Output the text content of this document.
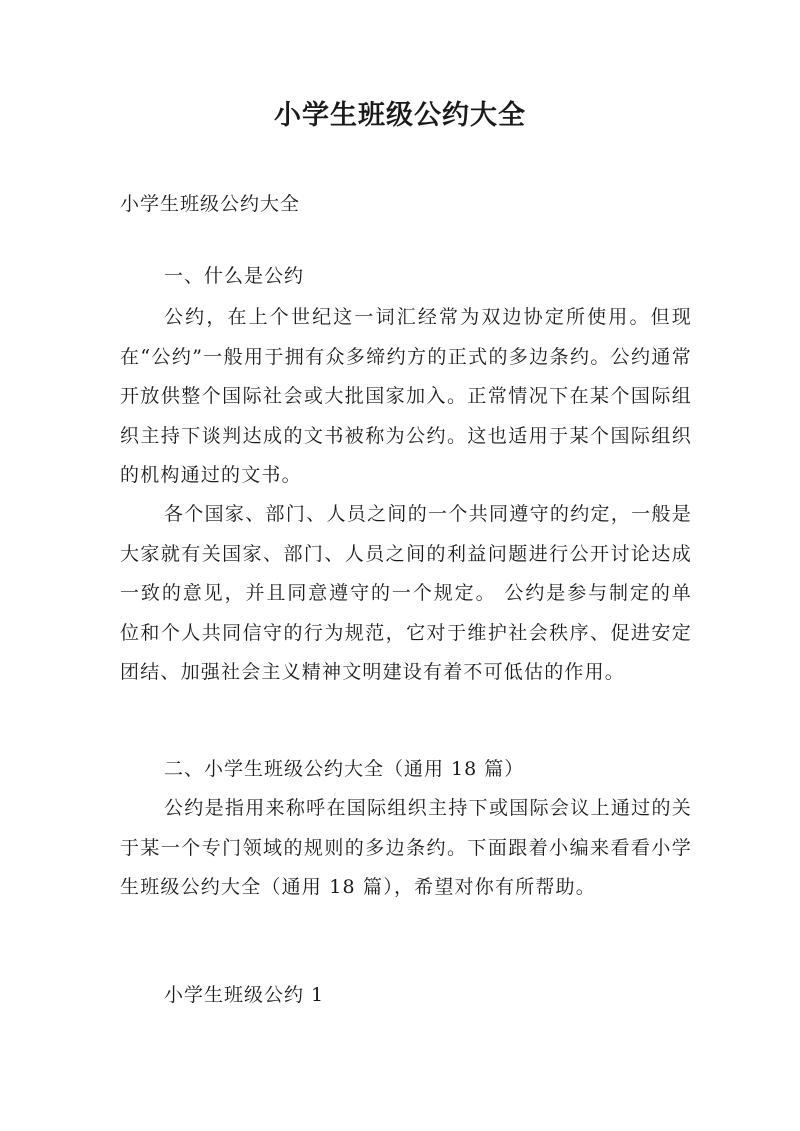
小学生班级公约大全
小学生班级公约大全
一、什么是公约

公约，在上个世纪这一词汇经常为双边协定所使用。但现在“公约”一般用于拥有众多缔约方的正式的多边条约。公约通常开放供整个国际社会或大批国家加入。正常情况下在某个国际组织主持下谈判达成的文书被称为公约。这也适用于某个国际组织的机构通过的文书。

各个国家、部门、人员之间的一个共同遵守的约定，一般是大家就有关国家、部门、人员之间的利益问题进行公开讨论达成一致的意见，并且同意遵守的一个规定。 公约是参与制定的单位和个人共同信守的行为规范，它对于维护社会秩序、促进安定团结、加强社会主义精神文明建设有着不可低估的作用。

二、小学生班级公约大全（通用 18 篇）

公约是指用来称呼在国际组织主持下或国际会议上通过的关于某一个专门领域的规则的多边条约。下面跟着小编来看看小学生班级公约大全（通用 18 篇），希望对你有所帮助。

小学生班级公约 1
